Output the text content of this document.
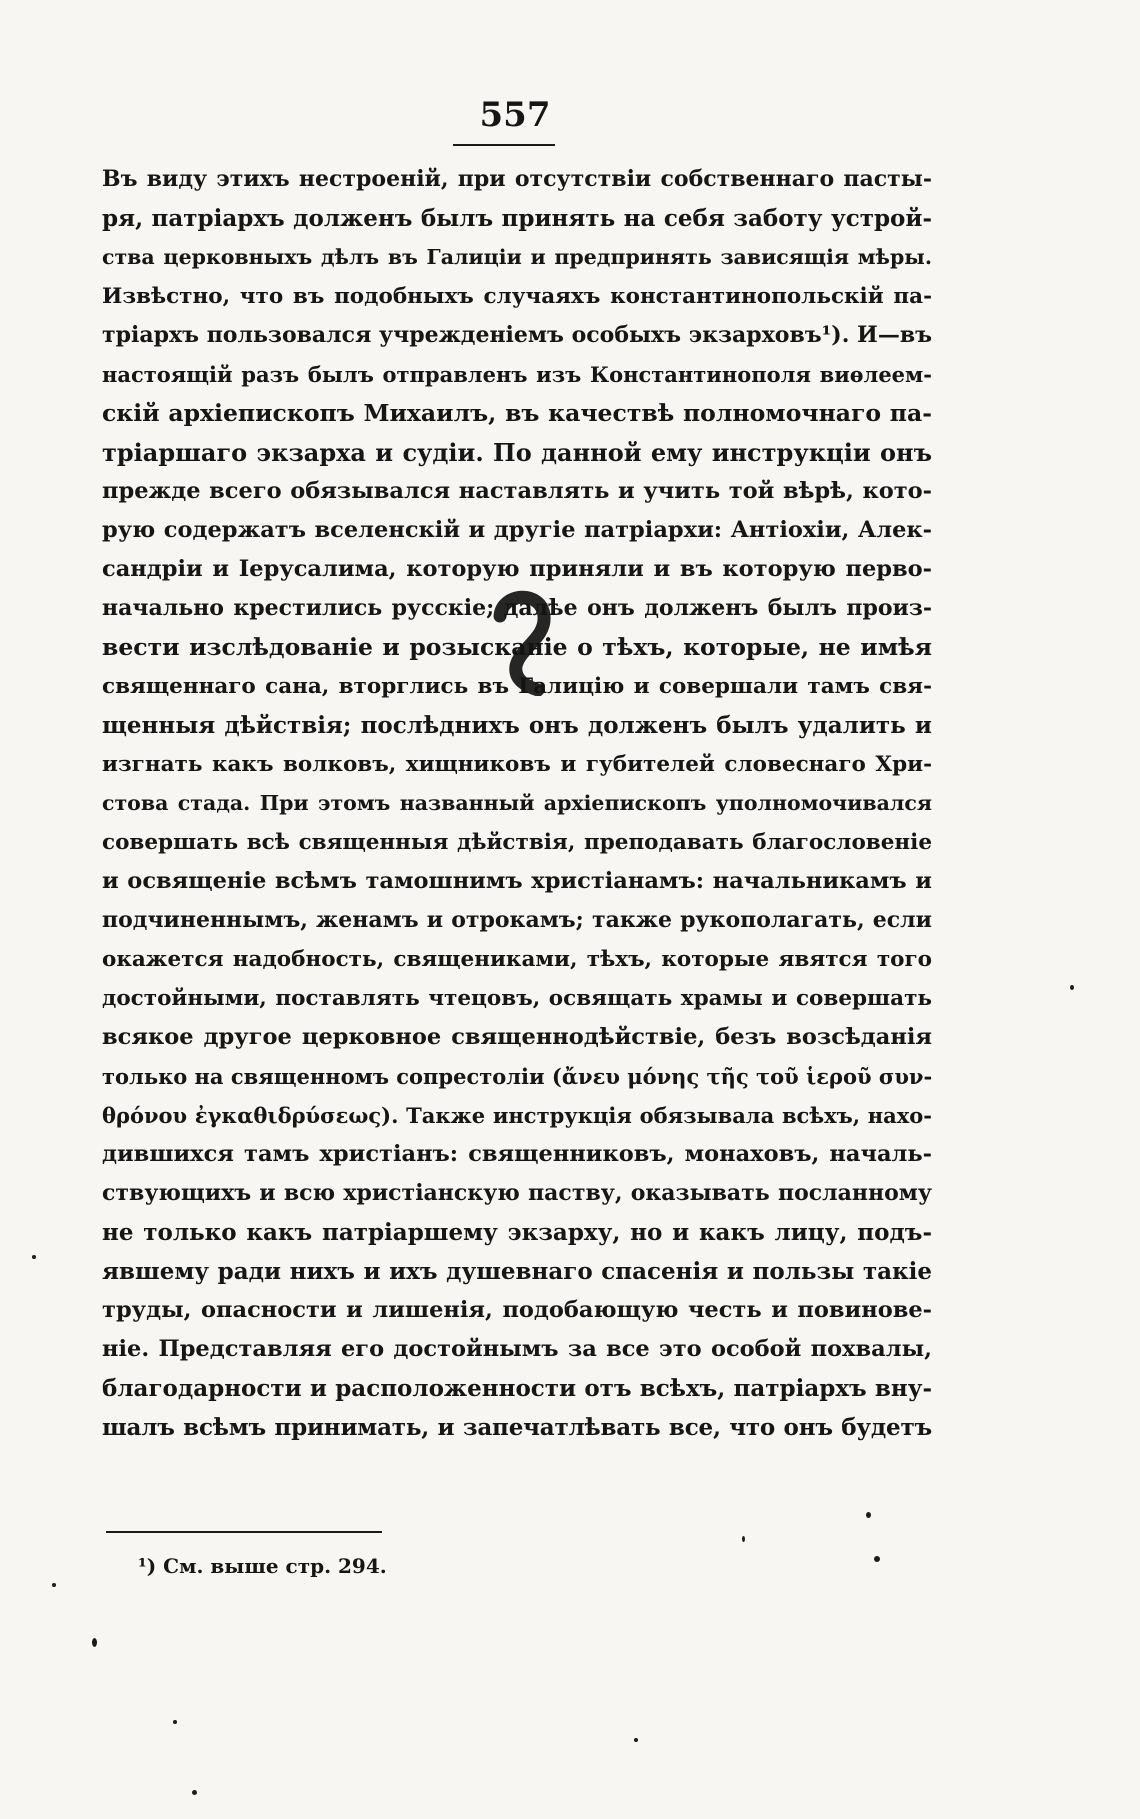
557
Въ виду этихъ нестроеній, при отсутствіи собственнаго пасты-
ря, патріархъ долженъ былъ принять на себя заботу устрой-
ства церковныхъ дѣлъ въ Галиціи и предпринять зависящія мѣры.
Извѣстно, что въ подобныхъ случаяхъ константинопольскій па-
тріархъ пользовался учрежденіемъ особыхъ экзарховъ¹). И—въ
настоящій разъ былъ отправленъ изъ Константинополя виѳлеем-
скій архіепископъ Михаилъ, въ качествѣ полномочнаго па-
тріаршаго экзарха и судіи. По данной ему инструкціи онъ
прежде всего обязывался наставлять и учить той вѣрѣ, кото-
рую содержатъ вселенскій и другіе патріархи: Антіохіи, Алек-
сандріи и Іерусалима, которую приняли и въ которую перво-
начально крестились русскіе; далѣе онъ долженъ былъ произ-
вести изслѣдованіе и розысканіе о тѣхъ, которые, не имѣя
священнаго сана, вторглись въ Галицію и совершали тамъ свя-
щенныя дѣйствія; послѣднихъ онъ долженъ былъ удалить и
изгнать какъ волковъ, хищниковъ и губителей словеснаго Хри-
стова стада. При этомъ названный архіепископъ уполномочивался
совершать всѣ священныя дѣйствія, преподавать благословеніе
и освященіе всѣмъ тамошнимъ христіанамъ: начальникамъ и
подчиненнымъ, женамъ и отрокамъ; также рукополагать, если
окажется надобность, священиками, тѣхъ, которые явятся того
достойными, поставлять чтецовъ, освящать храмы и совершать
всякое другое церковное священнодѣйствіе, безъ возсѣданія
только на священномъ сопрестоліи (ἄνευ μόνης τῆς τοῦ ἱεροῦ συν-
θρόνου ἐγκαθιδρύσεως). Также инструкція обязывала всѣхъ, нахо-
дившихся тамъ христіанъ: священниковъ, монаховъ, началь-
ствующихъ и всю христіанскую паству, оказывать посланному
не только какъ патріаршему экзарху, но и какъ лицу, подъ-
явшему ради нихъ и ихъ душевнаго спасенія и пользы такіе
труды, опасности и лишенія, подобающую честь и повинове-
ніе. Представляя его достойнымъ за все это особой похвалы,
благодарности и расположенности отъ всѣхъ, патріархъ вну-
шалъ всѣмъ принимать, и запечатлѣвать все, что онъ будетъ
¹) См. выше стр. 294.
